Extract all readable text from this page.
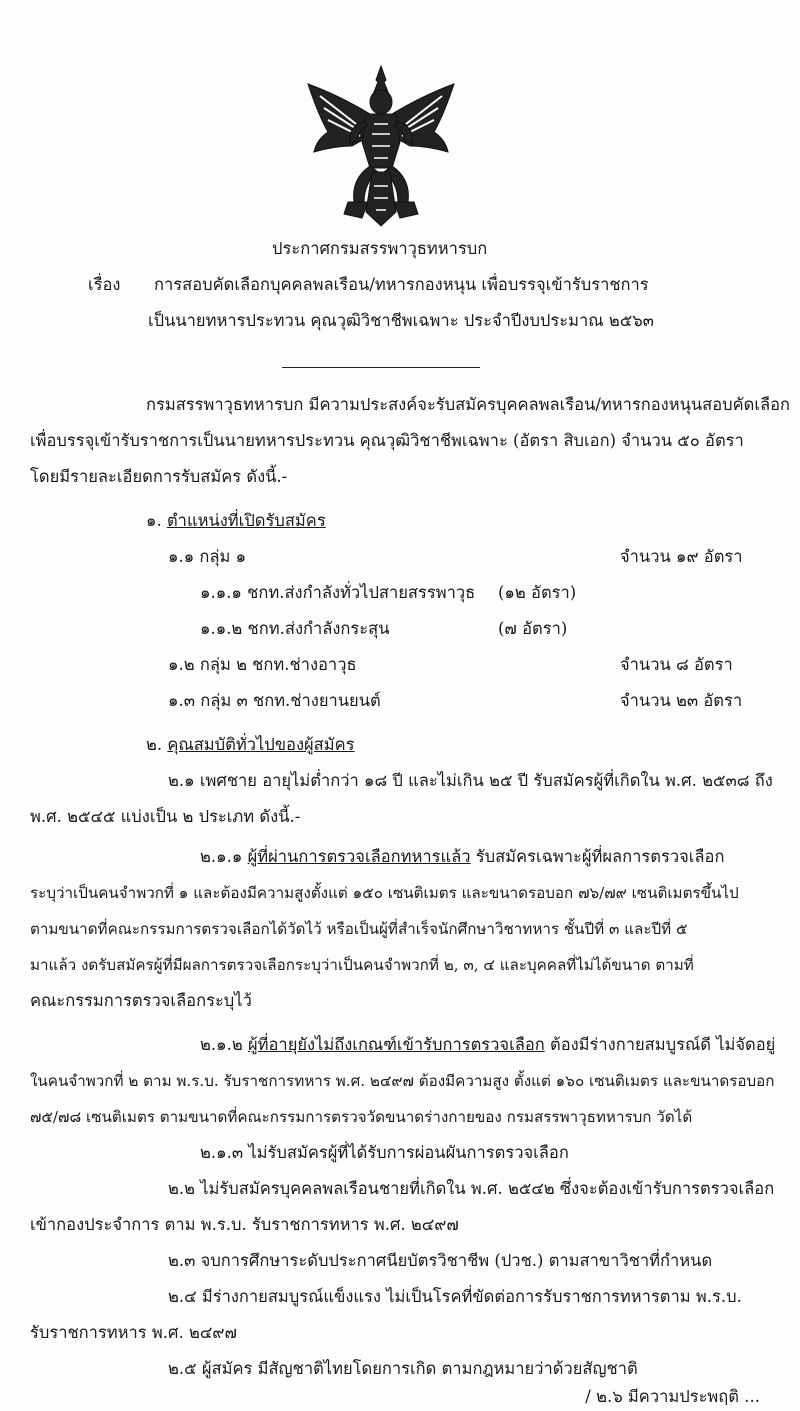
ประกาศกรมสรรพาวุธทหารบก

เรื่อง การสอบคัดเลือกบุคคลพลเรือน/ทหารกองหนุน เพื่อบรรจุเข้ารับราชการ

เป็นนายทหารประทวน คุณวุฒิวิชาชีพเฉพาะ ประจำปีงบประมาณ ๒๕๖๓

กรมสรรพาวุธทหารบก มีความประสงค์จะรับสมัครบุคคลพลเรือน/ทหารกองหนุนสอบคัดเลือก

เพื่อบรรจุเข้ารับราชการเป็นนายทหารประทวน คุณวุฒิวิชาชีพเฉพาะ (อัตรา สิบเอก) จำนวน ๕๐ อัตรา

โดยมีรายละเอียดการรับสมัคร ดังนี้.-

๑. ตำแหน่งที่เปิดรับสมัคร

๑.๑ กลุ่ม ๑	จำนวน ๑๙ อัตรา

๑.๑.๑ ชกท.ส่งกำลังทั่วไปสายสรรพาวุธ (๑๒ อัตรา)

๑.๑.๒ ชกท.ส่งกำลังกระสุน	(๗ อัตรา)

๑.๒ กลุ่ม ๒ ชกท.ช่างอาวุธ	จำนวน ๘ อัตรา

๑.๓ กลุ่ม ๓ ชกท.ช่างยานยนต์	จำนวน ๒๓ อัตรา

๒. คุณสมบัติทั่วไปของผู้สมัคร

๒.๑ เพศชาย อายุไม่ต่ำกว่า ๑๘ ปี และไม่เกิน ๒๕ ปี รับสมัครผู้ที่เกิดใน พ.ศ. ๒๕๓๘ ถึง

พ.ศ. ๒๕๔๕ แบ่งเป็น ๒ ประเภท ดังนี้.-

๒.๑.๑ ผู้ที่ผ่านการตรวจเลือกทหารแล้ว รับสมัครเฉพาะผู้ที่ผลการตรวจเลือก

ระบุว่าเป็นคนจำพวกที่ ๑ และต้องมีความสูงตั้งแต่ ๑๕๐ เซนติเมตร และขนาดรอบอก ๗๖/๗๙ เซนติเมตรขึ้นไป

ตามขนาดที่คณะกรรมการตรวจเลือกได้วัดไว้ หรือเป็นผู้ที่สำเร็จนักศึกษาวิชาทหาร ชั้นปีที่ ๓ และปีที่ ๕

มาแล้ว งดรับสมัครผู้ที่มีผลการตรวจเลือกระบุว่าเป็นคนจำพวกที่ ๒, ๓, ๔ และบุคคลที่ไม่ได้ขนาด ตามที่

คณะกรรมการตรวจเลือกระบุไว้

๒.๑.๒ ผู้ที่อายุยังไม่ถึงเกณฑ์เข้ารับการตรวจเลือก ต้องมีร่างกายสมบูรณ์ดี ไม่จัดอยู่

ในคนจำพวกที่ ๒ ตาม พ.ร.บ. รับราชการทหาร พ.ศ. ๒๔๙๗ ต้องมีความสูง ตั้งแต่ ๑๖๐ เซนติเมตร และขนาดรอบอก

๗๕/๗๘ เซนติเมตร ตามขนาดที่คณะกรรมการตรวจวัดขนาดร่างกายของ กรมสรรพาวุธทหารบก วัดได้

๒.๑.๓ ไม่รับสมัครผู้ที่ได้รับการผ่อนผันการตรวจเลือก

๒.๒ ไม่รับสมัครบุคคลพลเรือนชายที่เกิดใน พ.ศ. ๒๕๔๒ ซึ่งจะต้องเข้ารับการตรวจเลือก

เข้ากองประจำการ ตาม พ.ร.บ. รับราชการทหาร พ.ศ. ๒๔๙๗

๒.๓ จบการศึกษาระดับประกาศนียบัตรวิชาชีพ (ปวช.) ตามสาขาวิชาที่กำหนด

๒.๔ มีร่างกายสมบูรณ์แข็งแรง ไม่เป็นโรคที่ขัดต่อการรับราชการทหารตาม พ.ร.บ.

รับราชการทหาร พ.ศ. ๒๔๙๗

๒.๕ ผู้สมัคร มีสัญชาติไทยโดยการเกิด ตามกฎหมายว่าด้วยสัญชาติ

/ ๒.๖ มีความประพฤติ ...
